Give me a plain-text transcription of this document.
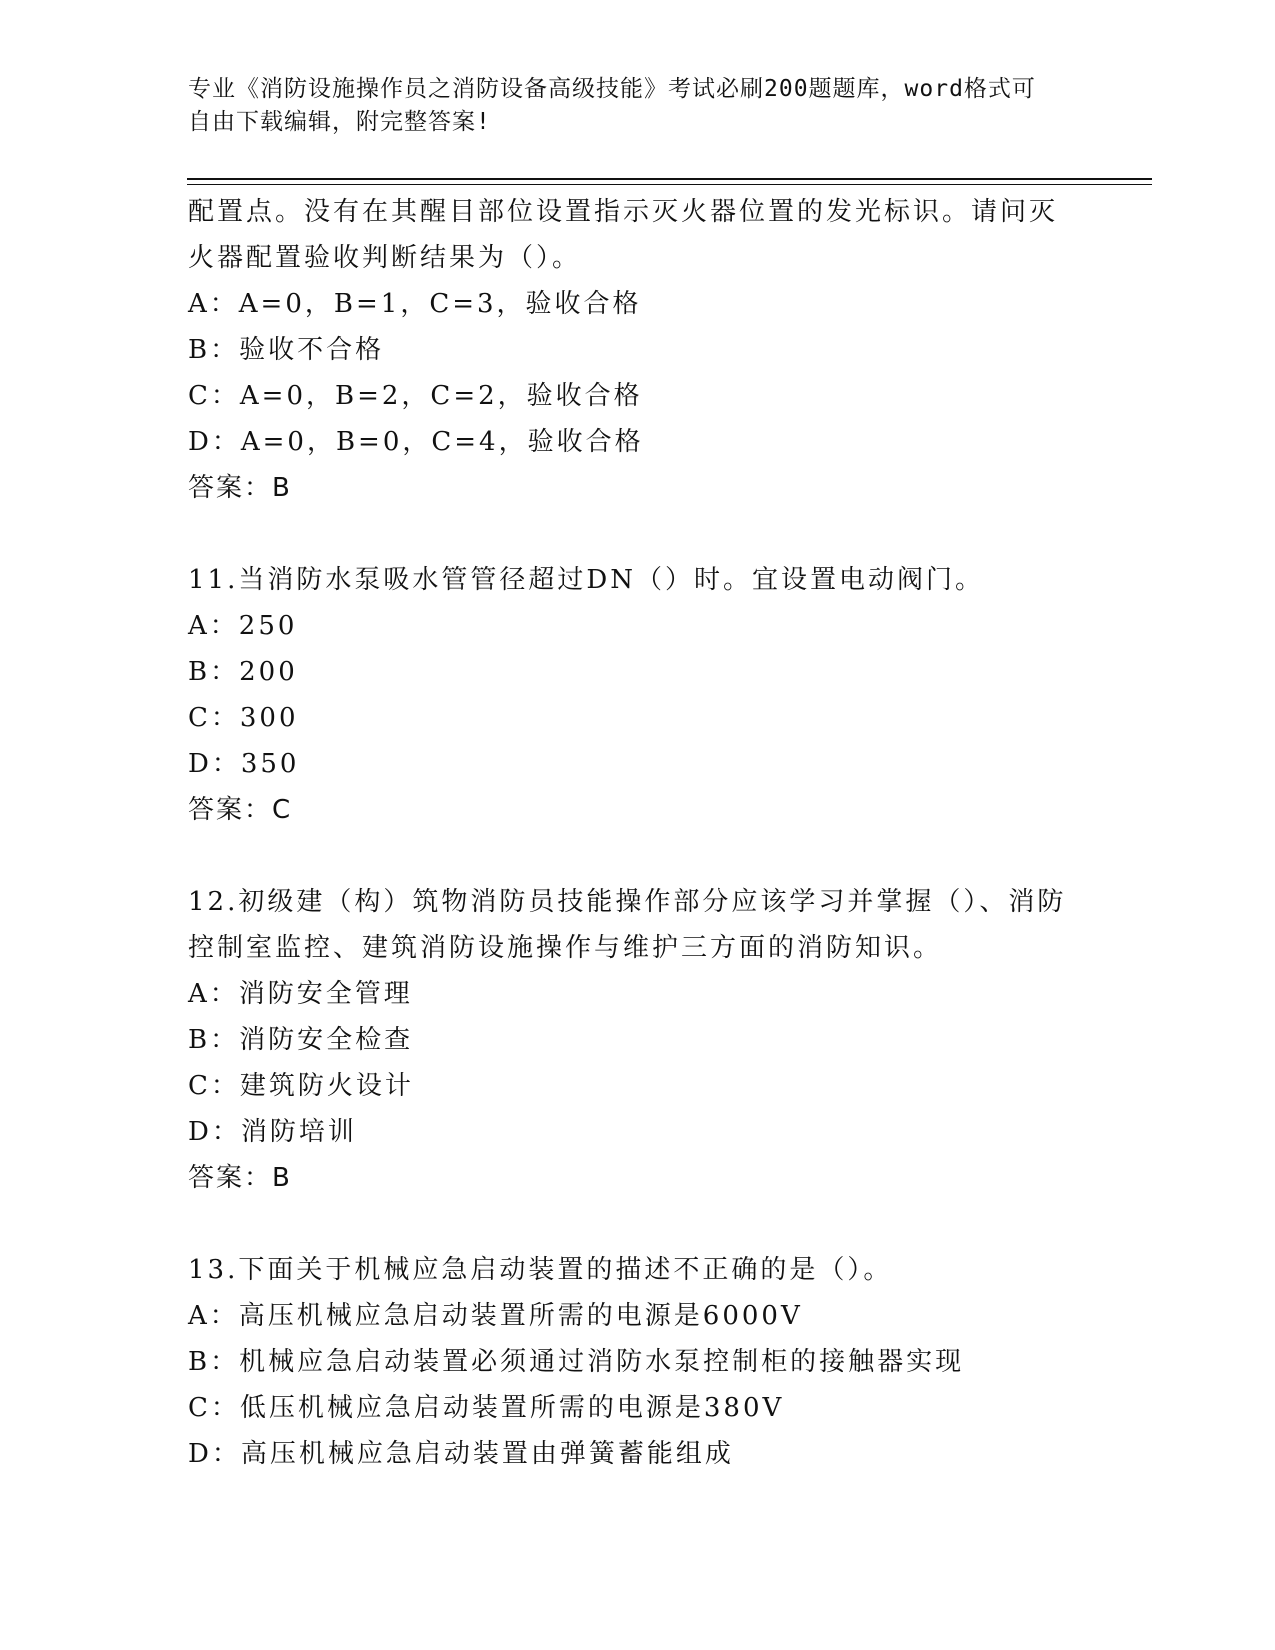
专业《消防设施操作员之消防设备高级技能》考试必刷200题题库，word格式可
自由下载编辑，附完整答案!
配置点。没有在其醒目部位设置指示灭火器位置的发光标识。请问灭
火器配置验收判断结果为（）。
A：A=0，B=1，C=3，验收合格
B：验收不合格
C：A=0，B=2，C=2，验收合格
D：A=0，B=0，C=4，验收合格
答案：B
11.当消防水泵吸水管管径超过DN（）时。宜设置电动阀门。
A：250
B：200
C：300
D：350
答案：C
12.初级建（构）筑物消防员技能操作部分应该学习并掌握（）、消防
控制室监控、建筑消防设施操作与维护三方面的消防知识。
A：消防安全管理
B：消防安全检查
C：建筑防火设计
D：消防培训
答案：B
13.下面关于机械应急启动装置的描述不正确的是（）。
A：高压机械应急启动装置所需的电源是6000V
B：机械应急启动装置必须通过消防水泵控制柜的接触器实现
C：低压机械应急启动装置所需的电源是380V
D：高压机械应急启动装置由弹簧蓄能组成
